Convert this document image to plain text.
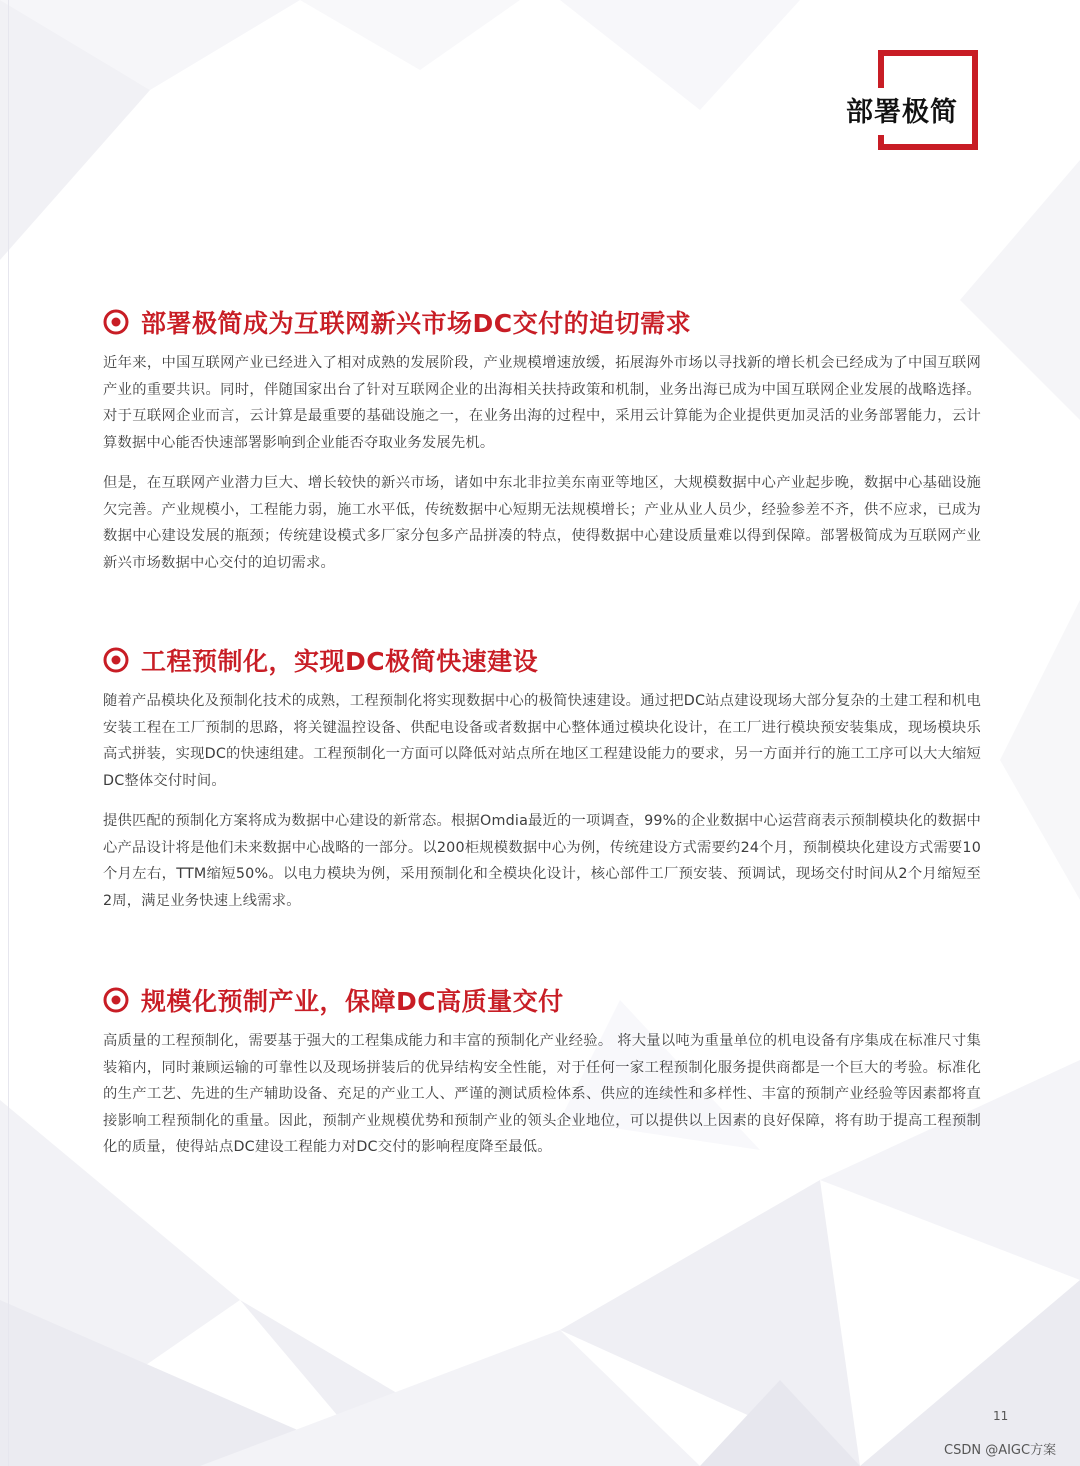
部署极简
部署极简成为互联网新兴市场DC交付的迫切需求

近年来，中国互联网产业已经进入了相对成熟的发展阶段，产业规模增速放缓，拓展海外市场以寻找新的增长机会已经成为了中国互联网产业的重要共识。同时，伴随国家出台了针对互联网企业的出海相关扶持政策和机制，业务出海已成为中国互联网企业发展的战略选择。对于互联网企业而言，云计算是最重要的基础设施之一，在业务出海的过程中，采用云计算能为企业提供更加灵活的业务部署能力，云计算数据中心能否快速部署影响到企业能否夺取业务发展先机。

但是，在互联网产业潜力巨大、增长较快的新兴市场，诸如中东北非拉美东南亚等地区，大规模数据中心产业起步晚，数据中心基础设施欠完善。产业规模小，工程能力弱，施工水平低，传统数据中心短期无法规模增长；产业从业人员少，经验参差不齐，供不应求，已成为数据中心建设发展的瓶颈；传统建设模式多厂家分包多产品拼凑的特点，使得数据中心建设质量难以得到保障。部署极简成为互联网产业新兴市场数据中心交付的迫切需求。

工程预制化，实现DC极简快速建设

随着产品模块化及预制化技术的成熟，工程预制化将实现数据中心的极简快速建设。通过把DC站点建设现场大部分复杂的土建工程和机电安装工程在工厂预制的思路，将关键温控设备、供配电设备或者数据中心整体通过模块化设计，在工厂进行模块预安装集成，现场模块乐高式拼装，实现DC的快速组建。工程预制化一方面可以降低对站点所在地区工程建设能力的要求，另一方面并行的施工工序可以大大缩短DC整体交付时间。

提供匹配的预制化方案将成为数据中心建设的新常态。根据Omdia最近的一项调查，99%的企业数据中心运营商表示预制模块化的数据中心产品设计将是他们未来数据中心战略的一部分。以200柜规模数据中心为例，传统建设方式需要约24个月，预制模块化建设方式需要10个月左右，TTM缩短50%。以电力模块为例，采用预制化和全模块化设计，核心部件工厂预安装、预调试，现场交付时间从2个月缩短至2周，满足业务快速上线需求。

规模化预制产业，保障DC高质量交付

高质量的工程预制化，需要基于强大的工程集成能力和丰富的预制化产业经验。 将大量以吨为重量单位的机电设备有序集成在标准尺寸集装箱内，同时兼顾运输的可靠性以及现场拼装后的优异结构安全性能，对于任何一家工程预制化服务提供商都是一个巨大的考验。标准化的生产工艺、先进的生产辅助设备、充足的产业工人、严谨的测试质检体系、供应的连续性和多样性、丰富的预制产业经验等因素都将直接影响工程预制化的重量。因此，预制产业规模优势和预制产业的领头企业地位，可以提供以上因素的良好保障，将有助于提高工程预制化的质量，使得站点DC建设工程能力对DC交付的影响程度降至最低。

11
CSDN @AIGC方案
